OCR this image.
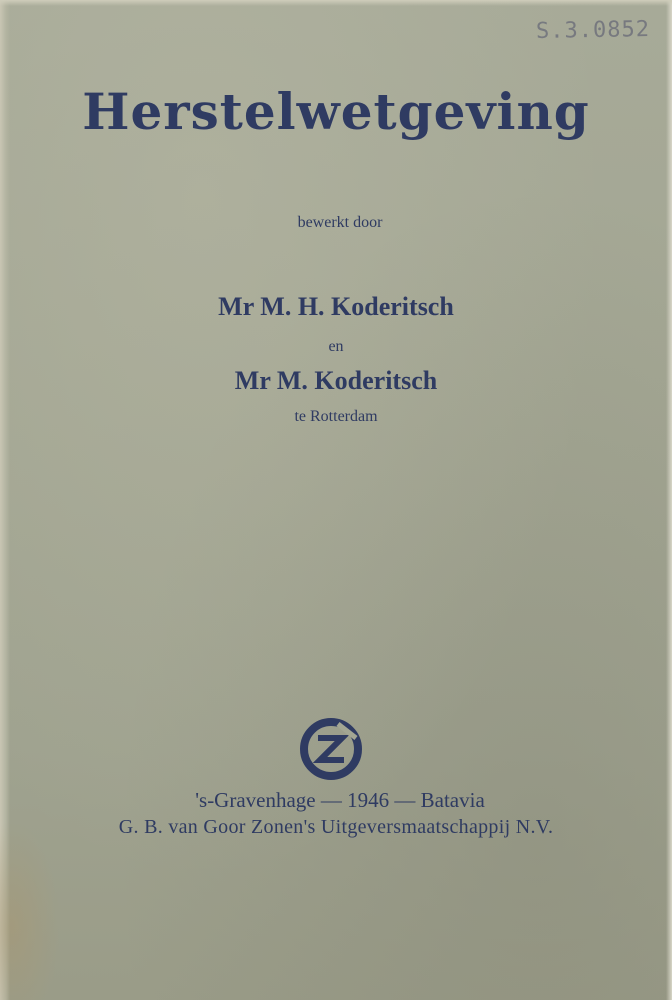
S.3.0852
Herstelwetgeving
bewerkt door
Mr M. H. Koderitsch
en
Mr M. Koderitsch
te Rotterdam
's-Gravenhage — 1946 — Batavia
G. B. van Goor Zonen's Uitgeversmaatschappij N.V.
